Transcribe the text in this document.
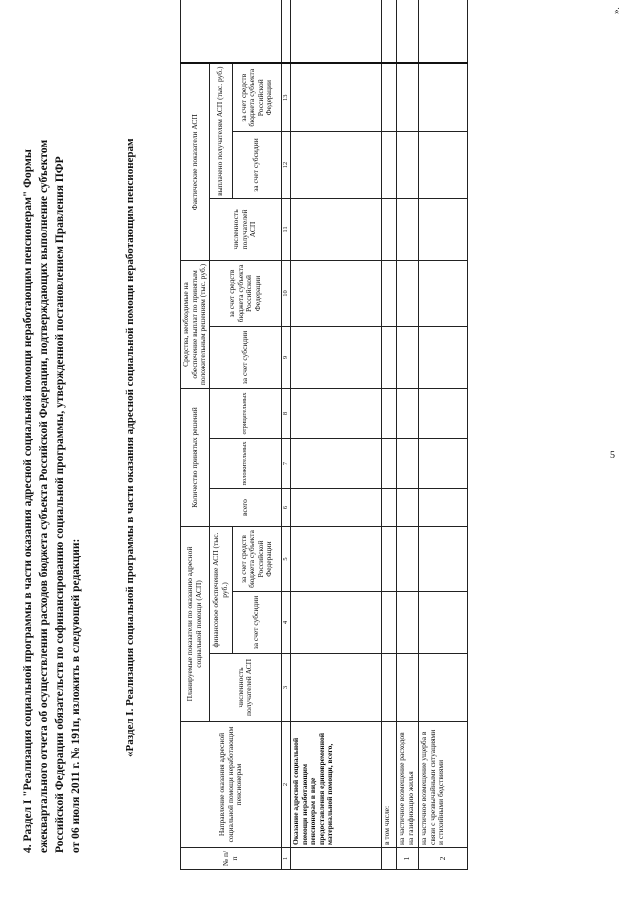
5

4. Раздел I "Реализация социальной программы в части оказания адресной социальной помощи неработающим пенсионерам" Формы ежеквартального отчета об осуществлении расходов бюджета субъекта Российской Федерации, подтверждающих выполнение субъектом Российской Федерации обязательств по софинансированию социальной программы, утвержденной постановлением Правления ПФР от 06 июля 2011 г. № 191п, изложить в следующей редакции:	«Раздел I. Реализация социальной программы в части оказания адресной социальной помощи неработающим пенсионерам
№ п/п	Направление оказания адресной социальной помощи неработающим пенсионерам	Планируемые показатели по оказанию адресной социальной помощи (АСП)			Количество принятых решений			Средства, необходимые на обеспечение выплат по принятым положительным решениям (тыс. руб.)		Фактические показатели АСП			
		численность получателей АСП	финансовое обеспечение АСП (тыс. руб.)		всего	положительных	отрицательных	за счет субсидии	за счет средств бюджета субъекта Российской Федерации	численность получателей АСП	выплачено получателям АСП (тыс. руб.)		
			за счет субсидии	за счет средств бюджета субъекта Российской Федерации							за счет субсидии	за счет средств бюджета субъекта Российской Федерации	
1	2	3	4	5	6	7	8	9	10	11	12	13	
	Оказание адресной социальной помощи неработающим пенсионерам в виде предоставления единовременной материальной помощи, всего,												
	в том числе:												
1	на частичное возмещение расходов на газификацию жилья												
2	на частичное возмещение ущерба в связи с чрезвычайными ситуациями и стихийными бедствиями												
».
